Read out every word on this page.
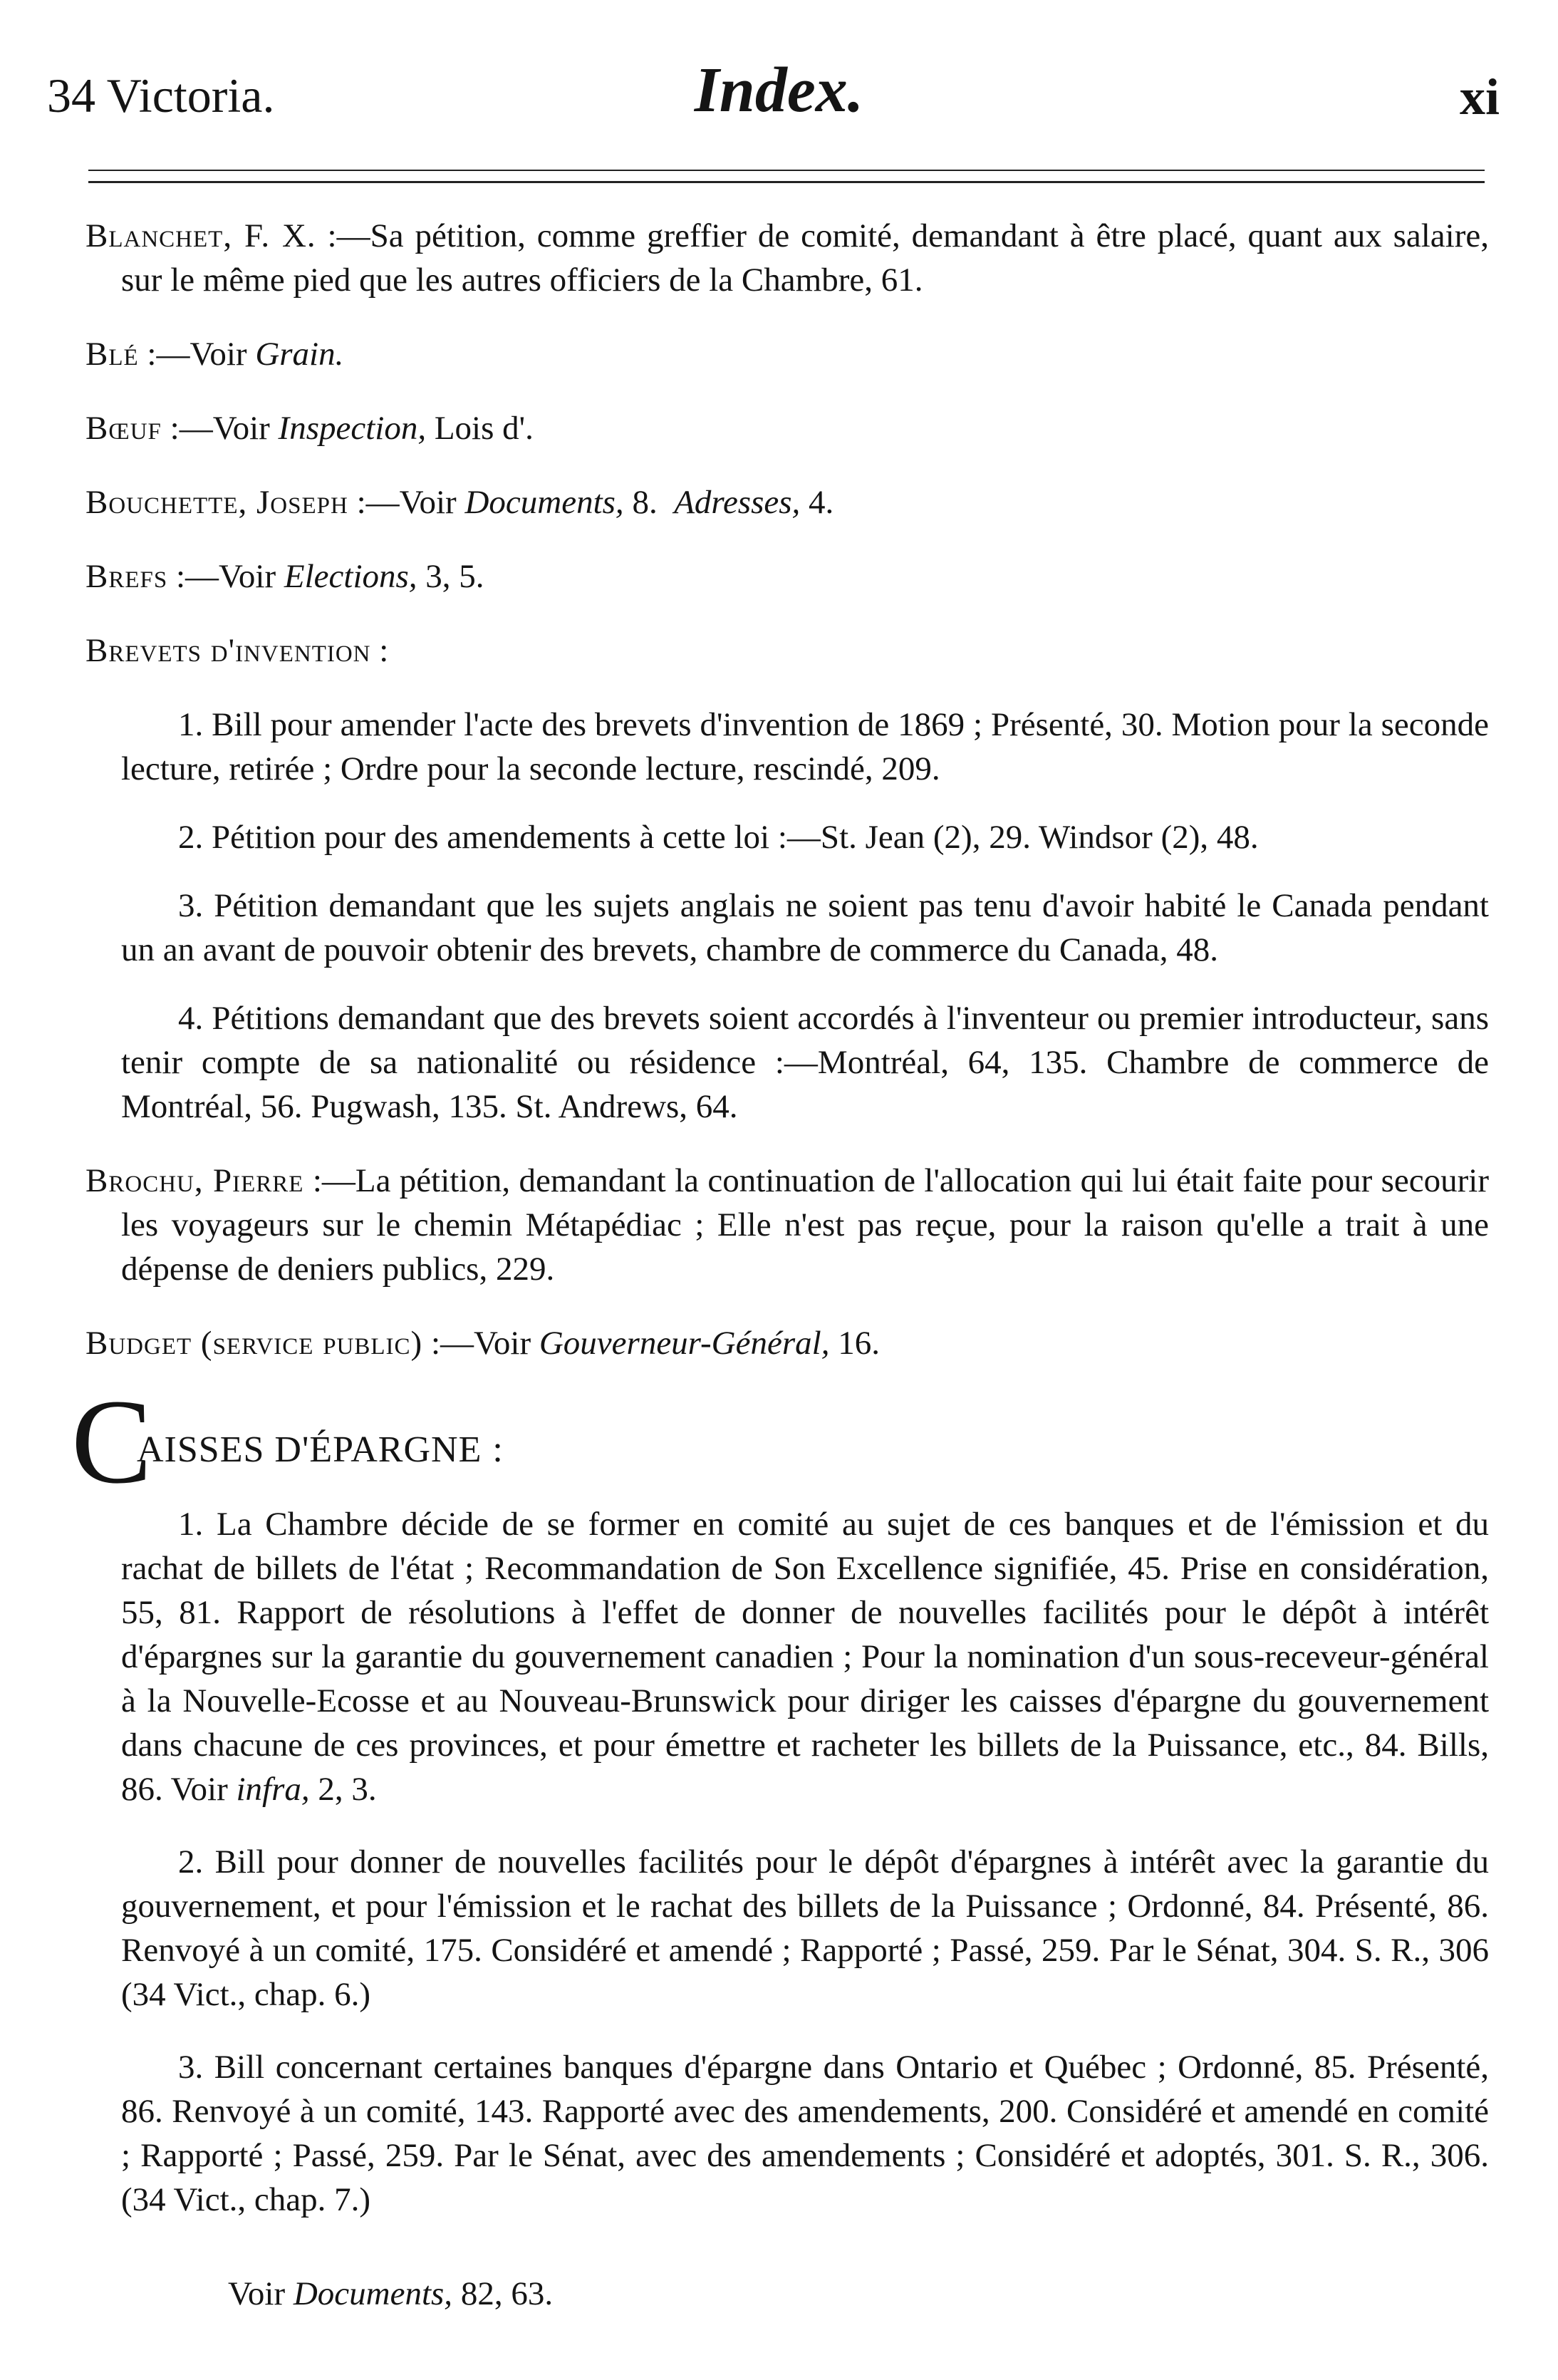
34 Victoria.	Index.	xi

Blanchet, F. X. :—Sa pétition, comme greffier de comité, demandant à être placé, quant aux salaire, sur le même pied que les autres officiers de la Chambre, 61.

Blé :—Voir Grain.

Bœuf :—Voir Inspection, Lois d'.

Bouchette, Joseph :—Voir Documents, 8.  Adresses, 4.

Brefs :—Voir Elections, 3, 5.

Brevets d'invention :

1. Bill pour amender l'acte des brevets d'invention de 1869 ; Présenté, 30. Motion pour la seconde lecture, retirée ; Ordre pour la seconde lecture, rescindé, 209.

2. Pétition pour des amendements à cette loi :—St. Jean (2), 29. Windsor (2), 48.

3. Pétition demandant que les sujets anglais ne soient pas tenu d'avoir habité le Canada pendant un an avant de pouvoir obtenir des brevets, chambre de commerce du Canada, 48.

4. Pétitions demandant que des brevets soient accordés à l'inventeur ou premier introducteur, sans tenir compte de sa nationalité ou résidence :—Montréal, 64, 135. Chambre de commerce de Montréal, 56. Pugwash, 135. St. Andrews, 64.

Brochu, Pierre :—La pétition, demandant la continuation de l'allocation qui lui était faite pour secourir les voyageurs sur le chemin Métapédiac ; Elle n'est pas reçue, pour la raison qu'elle a trait à une dépense de deniers publics, 229.

Budget (service public) :—Voir Gouverneur-Général, 16.

C
AISSES D'ÉPARGNE :

1. La Chambre décide de se former en comité au sujet de ces banques et de l'émission et du rachat de billets de l'état ; Recommandation de Son Excellence signifiée, 45. Prise en considération, 55, 81. Rapport de résolutions à l'effet de donner de nouvelles facilités pour le dépôt à intérêt d'épargnes sur la garantie du gouvernement canadien ; Pour la nomination d'un sous-receveur-général à la Nouvelle-Ecosse et au Nouveau-Brunswick pour diriger les caisses d'épargne du gouvernement dans chacune de ces provinces, et pour émettre et racheter les billets de la Puissance, etc., 84. Bills, 86. Voir infra, 2, 3.

2. Bill pour donner de nouvelles facilités pour le dépôt d'épargnes à intérêt avec la garantie du gouvernement, et pour l'émission et le rachat des billets de la Puissance ; Ordonné, 84. Présenté, 86. Renvoyé à un comité, 175. Considéré et amendé ; Rapporté ; Passé, 259. Par le Sénat, 304. S. R., 306 (34 Vict., chap. 6.)

3. Bill concernant certaines banques d'épargne dans Ontario et Québec ; Ordonné, 85. Présenté, 86. Renvoyé à un comité, 143. Rapporté avec des amendements, 200. Considéré et amendé en comité ; Rapporté ; Passé, 259. Par le Sénat, avec des amendements ; Considéré et adoptés, 301. S. R., 306. (34 Vict., chap. 7.)

Voir Documents, 82, 63.
